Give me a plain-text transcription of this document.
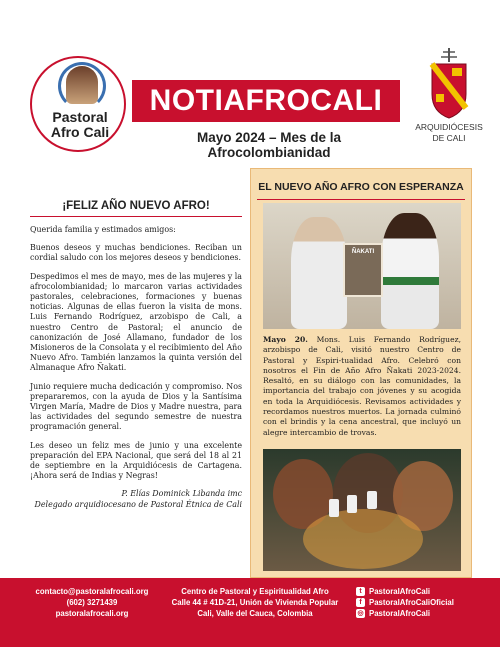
Pastoral
Afro Cali
NOTIAFROCALI
Mayo 2024 – Mes de la Afrocolombianidad
ARQUIDIÓCESIS
DE CALI
¡FELIZ AÑO NUEVO AFRO!

Querida familia y estimados amigos:

Buenos deseos y muchas bendiciones. Reciban un cordial saludo con los mejores deseos y bendiciones.

Despedimos el mes de mayo, mes de las mujeres y la afrocolombianidad; lo marcaron varias actividades pastorales, celebraciones, formaciones y buenas noticias. Algunas de ellas fueron la visita de mons. Luis Fernando Rodríguez, arzobispo de Cali, a nuestro Centro de Pastoral; el anuncio de canonización de José Allamano, fundador de los Misioneros de la Consolata y el recibimiento del Año Nuevo Afro. También lanzamos la quinta versión del Almanaque Afro Ñakati.

Junio requiere mucha dedicación y compromiso. Nos prepararemos, con la ayuda de Dios y la Santísima Virgen María, Madre de Dios y Madre nuestra, para las actividades del segundo semestre de nuestra programación general.

Les deseo un feliz mes de junio y una excelente preparación del EPA Nacional, que será del 18 al 21 de septiembre en la Arquidiócesis de Cartagena. ¡Ahora será de Indias y Negras!

P. Elías Dominick Libanda imc
Delegado arquidiocesano de Pastoral Étnica de Cali
EL NUEVO AÑO AFRO CON ESPERANZA
ÑAKATI
Mayo 20. Mons. Luis Fernando Rodríguez, arzobispo de Cali, visitó nuestro Centro de Pastoral y Espiri-tualidad Afro. Celebró con nosotros el Fin de Año Afro Ñakati 2023-2024. Resaltó, en su diálogo con las comunidades, la importancia del trabajo con jóvenes y su acogida en toda la Arquidiócesis. Revisamos actividades y recordamos nuestros muertos. La jornada culminó con el brindis y la cena ancestral, que incluyó un alegre intercambio de trovas.
contacto@pastoralafrocali.org
(602) 3271439
pastoralafrocali.org
Centro de Pastoral y Espiritualidad Afro
Calle 44 # 41D-21, Unión de Vivienda Popular
Cali, Valle del Cauca, Colombia
t PastoralAfroCali
f PastoralAfroCaliOficial
◎ PastoralAfroCali
